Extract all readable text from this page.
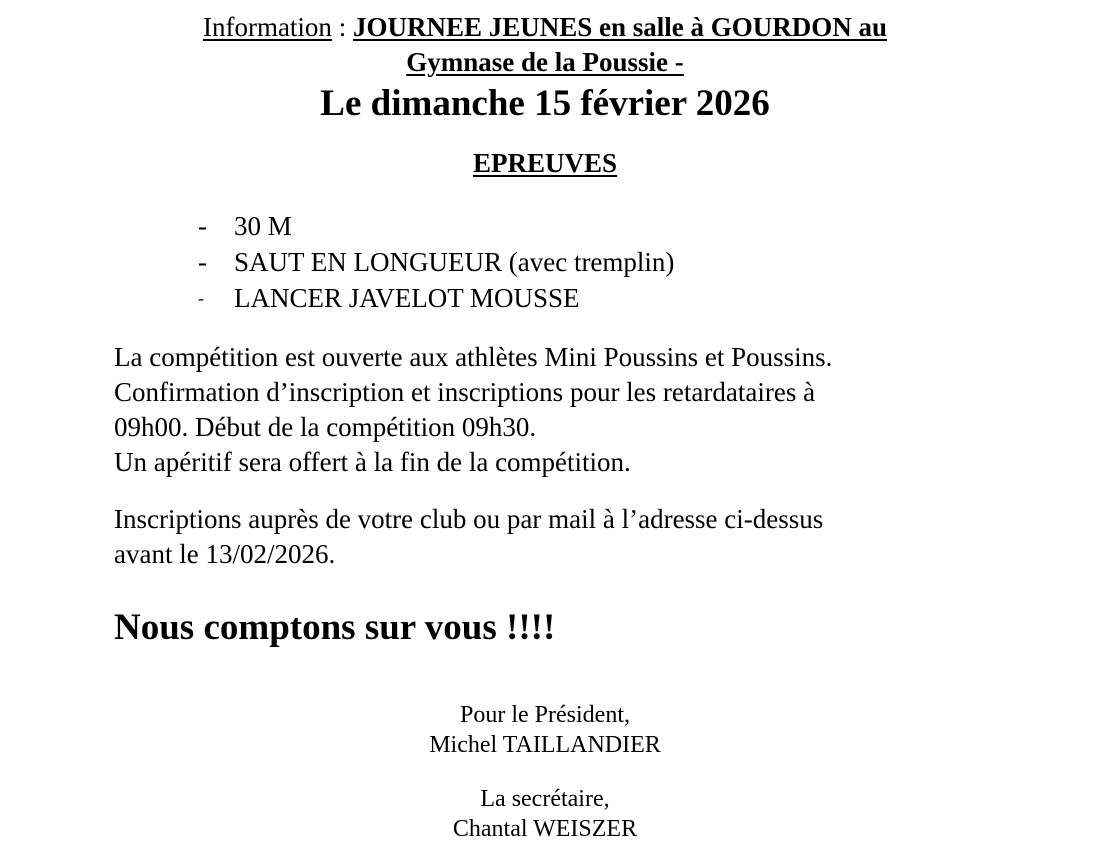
Information : JOURNEE JEUNES en salle à GOURDON au
Gymnase de la Poussie -
Le dimanche 15 février 2026
EPREUVES
-	30 M
-	SAUT EN LONGUEUR (avec tremplin)
-	LANCER JAVELOT MOUSSE
La compétition est ouverte aux athlètes Mini Poussins et Poussins.
Confirmation d’inscription et inscriptions pour les retardataires à
09h00. Début de la compétition 09h30.
Un apéritif sera offert à la fin de la compétition.
Inscriptions auprès de votre club ou par mail à l’adresse ci-dessus
avant le 13/02/2026.
Nous comptons sur vous !!!!
Pour le Président,
Michel TAILLANDIER
La secrétaire,
Chantal WEISZER
